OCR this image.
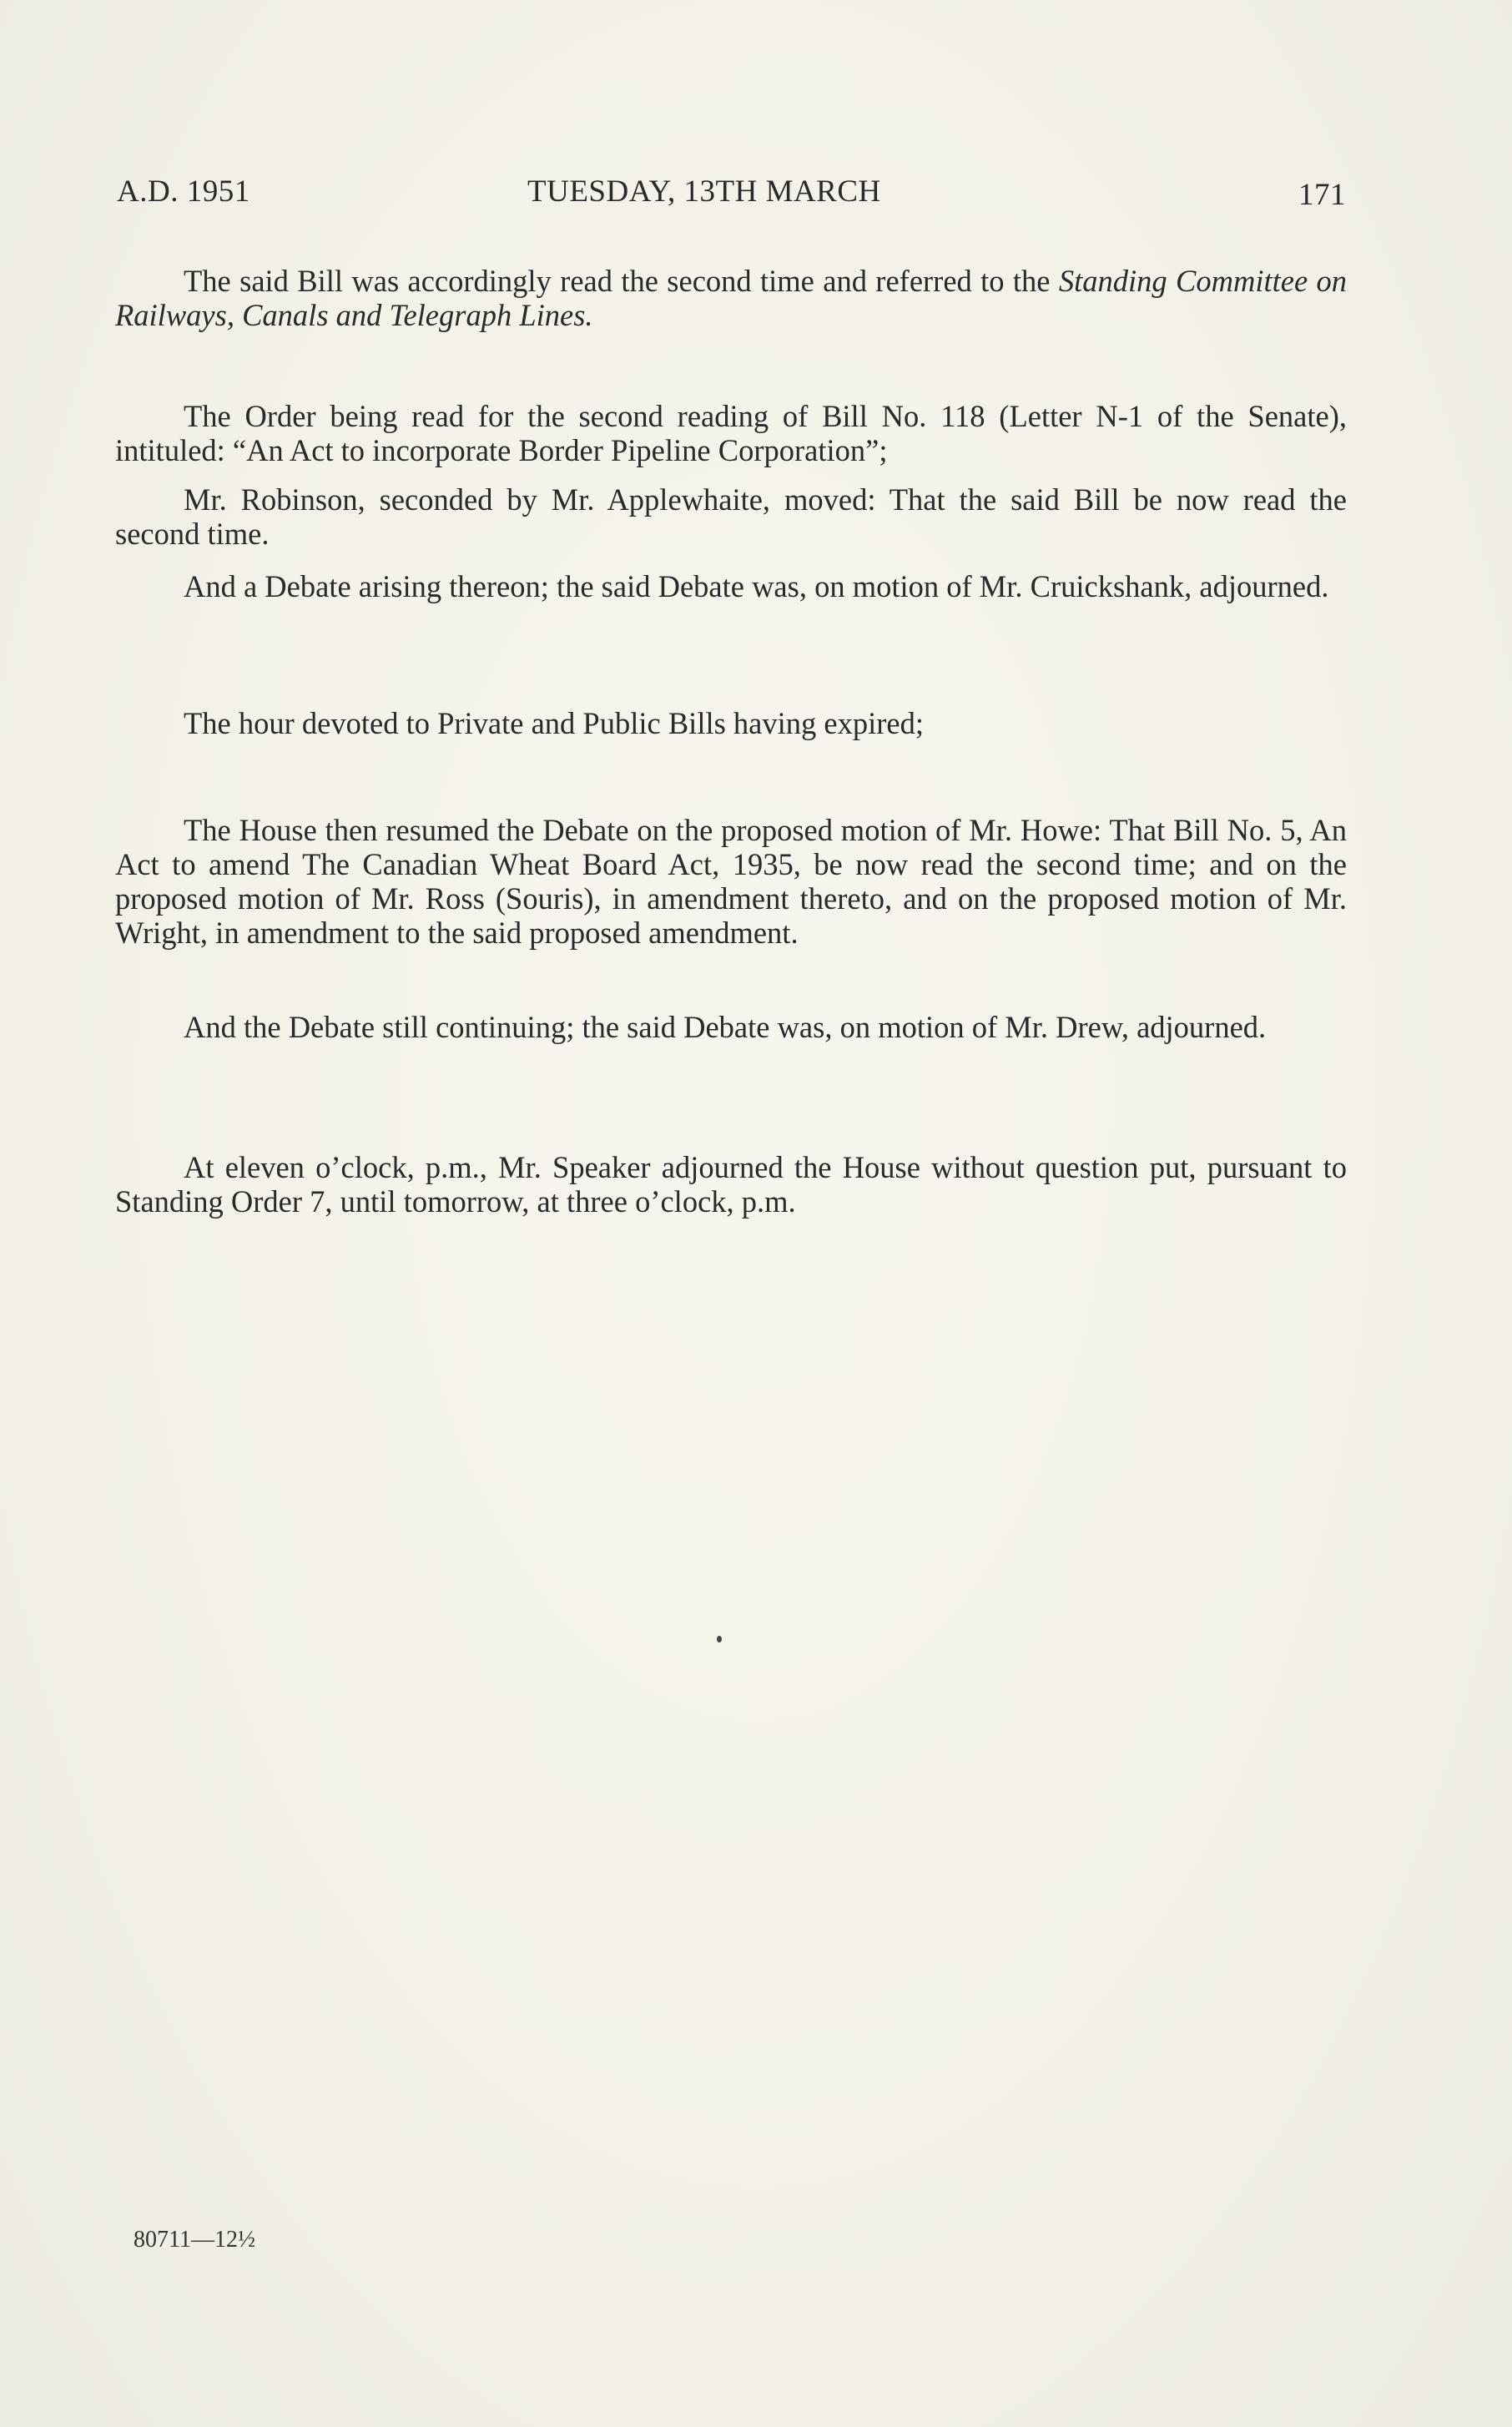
A.D. 1951	TUESDAY, 13TH MARCH	171

The said Bill was accordingly read the second time and referred to the Standing Committee on Railways, Canals and Telegraph Lines.

The Order being read for the second reading of Bill No. 118 (Letter N-1 of the Senate), intituled: “An Act to incorporate Border Pipeline Corporation”;

Mr. Robinson, seconded by Mr. Applewhaite, moved: That the said Bill be now read the second time.

And a Debate arising thereon; the said Debate was, on motion of Mr. Cruickshank, adjourned.

The hour devoted to Private and Public Bills having expired;

The House then resumed the Debate on the proposed motion of Mr. Howe: That Bill No. 5, An Act to amend The Canadian Wheat Board Act, 1935, be now read the second time; and on the proposed motion of Mr. Ross (Souris), in amendment thereto, and on the proposed motion of Mr. Wright, in amendment to the said proposed amendment.

And the Debate still continuing; the said Debate was, on motion of Mr. Drew, adjourned.

At eleven o’clock, p.m., Mr. Speaker adjourned the House without question put, pursuant to Standing Order 7, until tomorrow, at three o’clock, p.m.

80711—12½
